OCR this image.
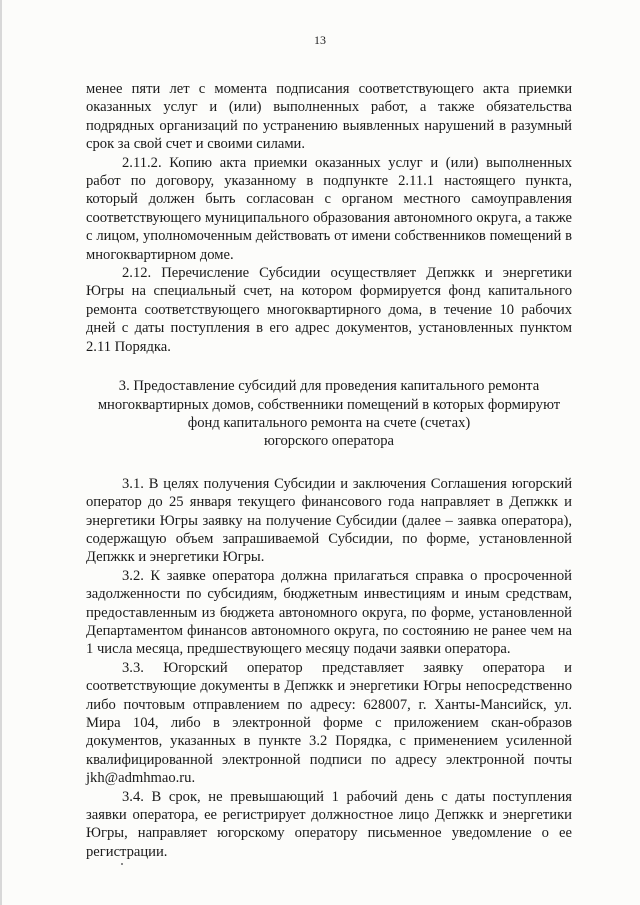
13

менее пяти лет с момента подписания соответствующего акта приемки оказанных услуг и (или) выполненных работ, а также обязательства подрядных организаций по устранению выявленных нарушений в разумный срок за свой счет и своими силами.

2.11.2. Копию акта приемки оказанных услуг и (или) выполненных работ по договору, указанному в подпункте 2.11.1 настоящего пункта, который должен быть согласован с органом местного самоуправления соответствующего муниципального образования автономного округа, а также с лицом, уполномоченным действовать от имени собственников помещений в многоквартирном доме.

2.12. Перечисление Субсидии осуществляет Депжкк и энергетики Югры на специальный счет, на котором формируется фонд капитального ремонта соответствующего многоквартирного дома, в течение 10 рабочих дней с даты поступления в его адрес документов, установленных пунктом 2.11 Порядка.

3. Предоставление субсидий для проведения капитального ремонта

многоквартирных домов, собственники помещений в которых формируют

фонд капитального ремонта на счете (счетах)

югорского оператора

3.1. В целях получения Субсидии и заключения Соглашения югорский оператор до 25 января текущего финансового года направляет в Депжкк и энергетики Югры заявку на получение Субсидии (далее – заявка оператора), содержащую объем запрашиваемой Субсидии, по форме, установленной Депжкк и энергетики Югры.

3.2. К заявке оператора должна прилагаться справка о просроченной задолженности по субсидиям, бюджетным инвестициям и иным средствам, предоставленным из бюджета автономного округа, по форме, установленной Департаментом финансов автономного округа, по состоянию не ранее чем на 1 числа месяца, предшествующего месяцу подачи заявки оператора.

3.3. Югорский оператор представляет заявку оператора и соответствующие документы в Депжкк и энергетики Югры непосредственно либо почтовым отправлением по адресу: 628007, г. Ханты-Мансийск, ул. Мира 104, либо в электронной форме с приложением скан-образов документов, указанных в пункте 3.2 Порядка, с применением усиленной квалифицированной электронной подписи по адресу электронной почты jkh@admhmao.ru.

3.4. В срок, не превышающий 1 рабочий день с даты поступления заявки оператора, ее регистрирует должностное лицо Депжкк и энергетики Югры, направляет югорскому оператору письменное уведомление о ее регистрации.
